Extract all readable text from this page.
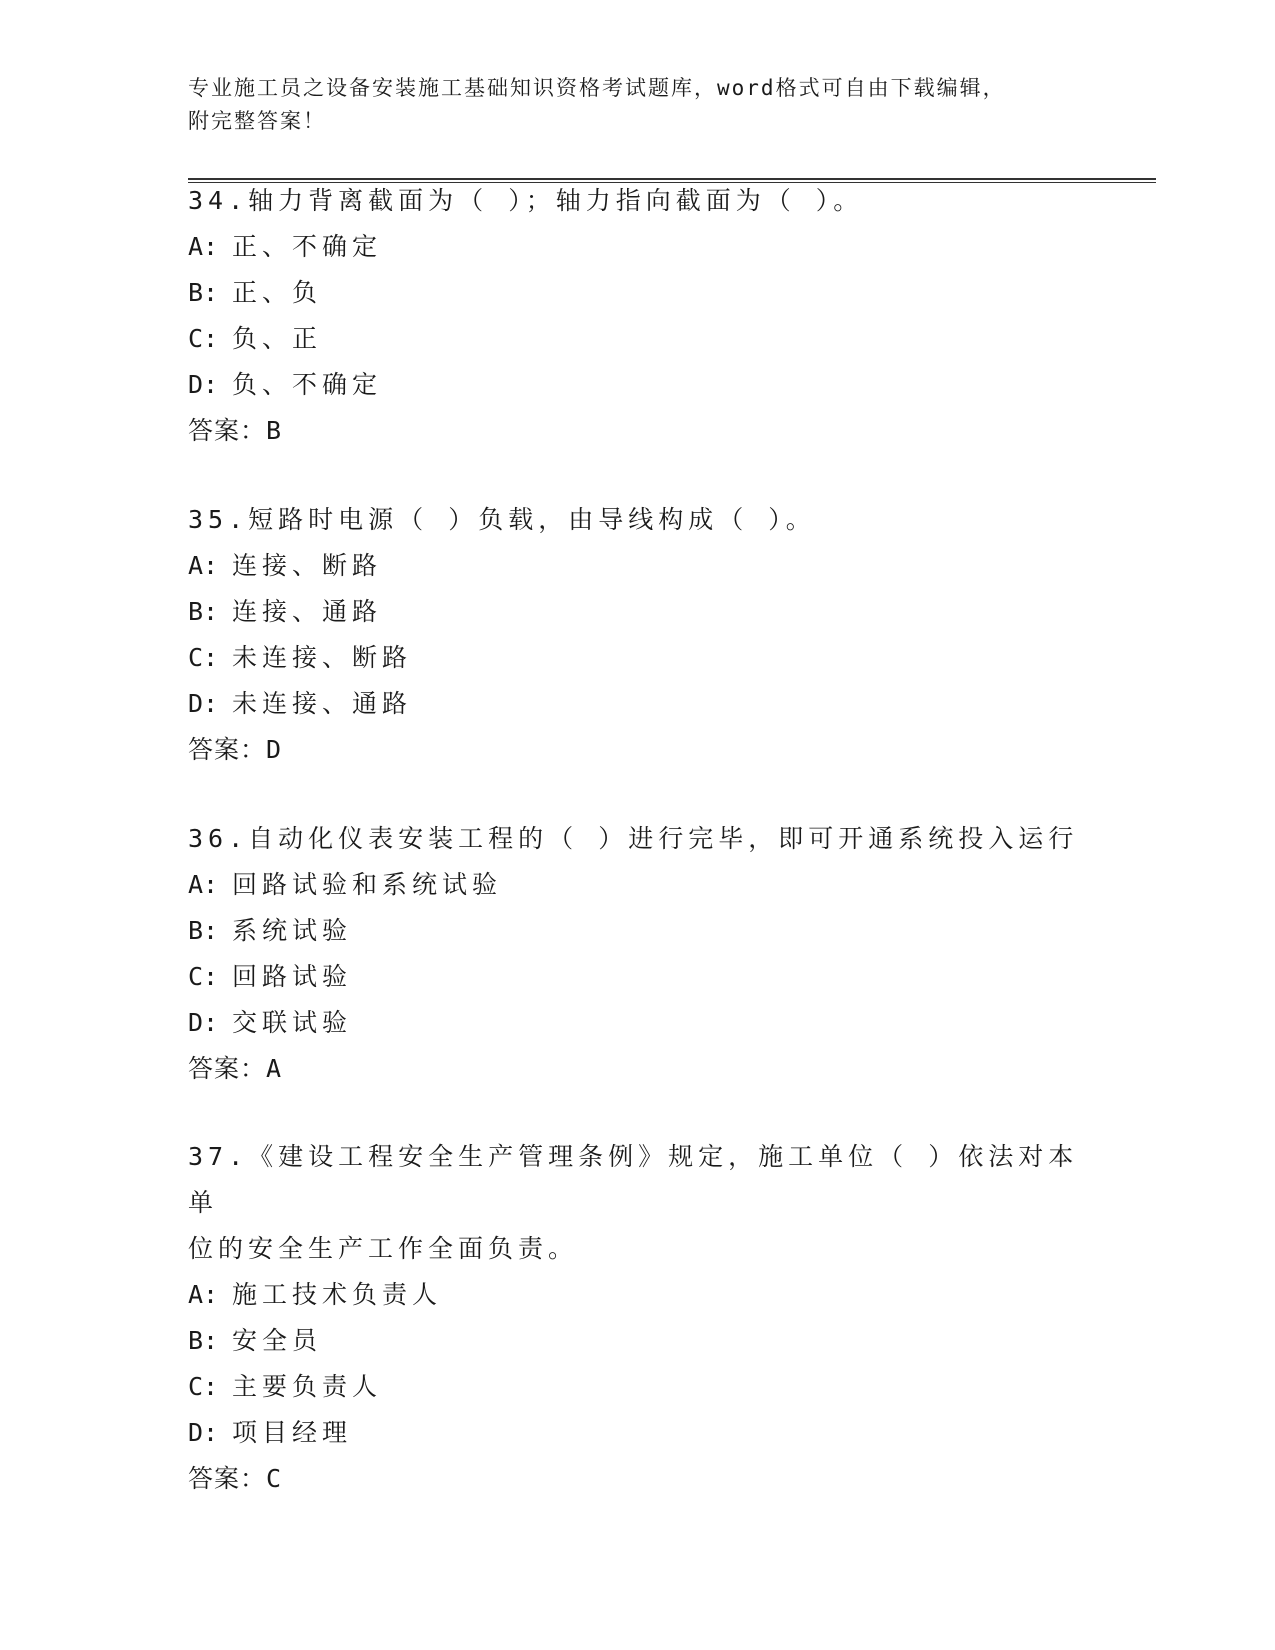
专业施工员之设备安装施工基础知识资格考试题库，word格式可自由下载编辑，
附完整答案！

34.轴力背离截面为（ ）；轴力指向截面为（ ）。

A: 正、不确定

B: 正、负

C: 负、正

D: 负、不确定

答案：B

35.短路时电源（ ）负载，由导线构成（ ）。

A: 连接、断路

B: 连接、通路

C: 未连接、断路

D: 未连接、通路

答案：D

36.自动化仪表安装工程的（ ）进行完毕，即可开通系统投入运行

A: 回路试验和系统试验

B: 系统试验

C: 回路试验

D: 交联试验

答案：A

37.《建设工程安全生产管理条例》规定，施工单位（ ）依法对本单

位的安全生产工作全面负责。

A: 施工技术负责人

B: 安全员

C: 主要负责人

D: 项目经理

答案：C
